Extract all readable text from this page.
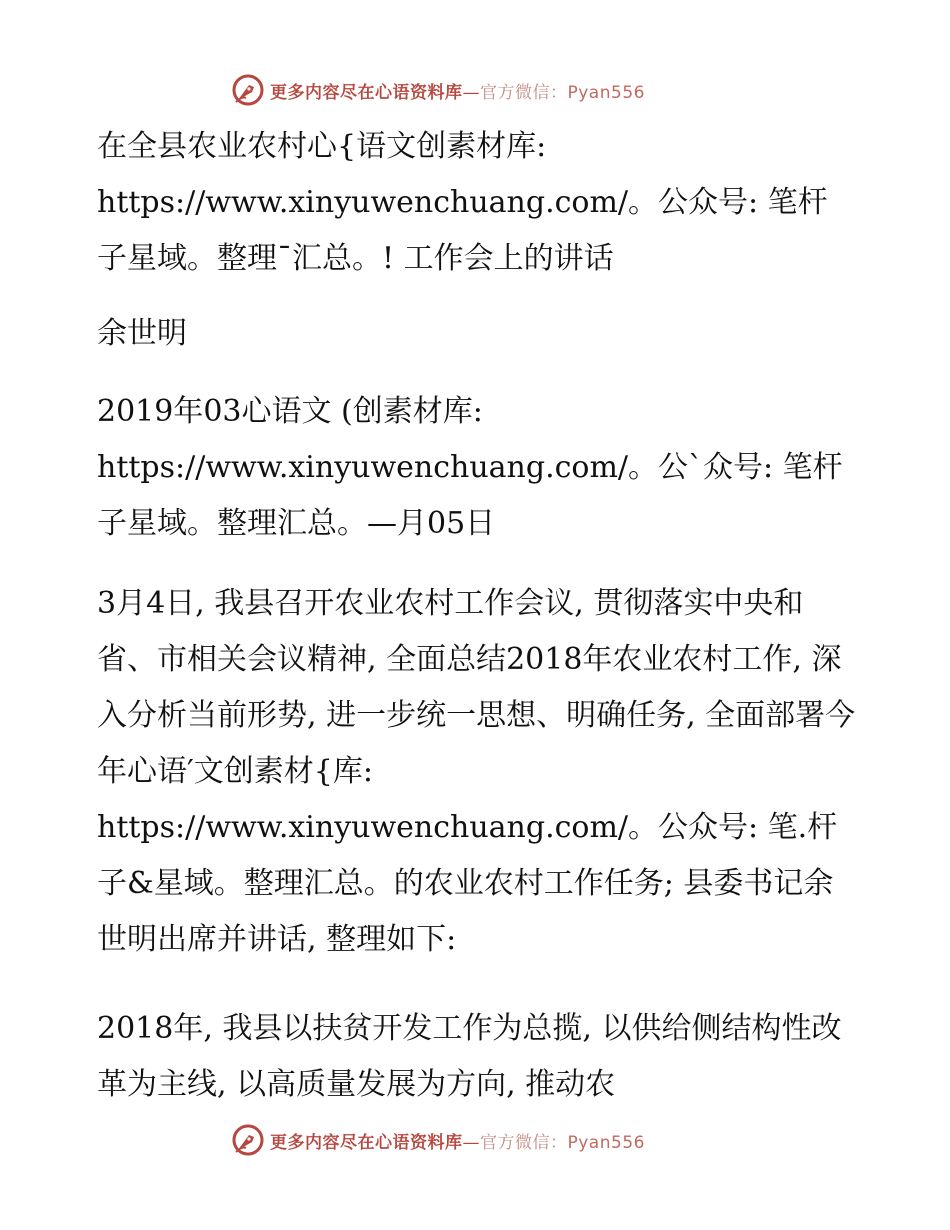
更多内容尽在心语资料库—官方微信：Pyan556

在全县农业农村心{语文创素材库: https://www.xinyuwenchuang.com/。公众号: 笔杆子星域。整理¯汇总。! 工作会上的讲话

余世明

2019年03心语文 (创素材库: https://www.xinyuwenchuang.com/。公`众号: 笔杆子星域。整理汇总。—月05日

3月4日, 我县召开农业农村工作会议, 贯彻落实中央和省、市相关会议精神, 全面总结2018年农业农村工作, 深入分析当前形势, 进一步统一思想、明确任务, 全面部署今年心语′文创素材{库: https://www.xinyuwenchuang.com/。公众号: 笔.杆子&星域。整理汇总。的农业农村工作任务; 县委书记余世明出席并讲话, 整理如下:

2018年, 我县以扶贫开发工作为总揽, 以供给侧结构性改革为主线, 以高质量发展为方向, 推动农

更多内容尽在心语资料库—官方微信：Pyan556
